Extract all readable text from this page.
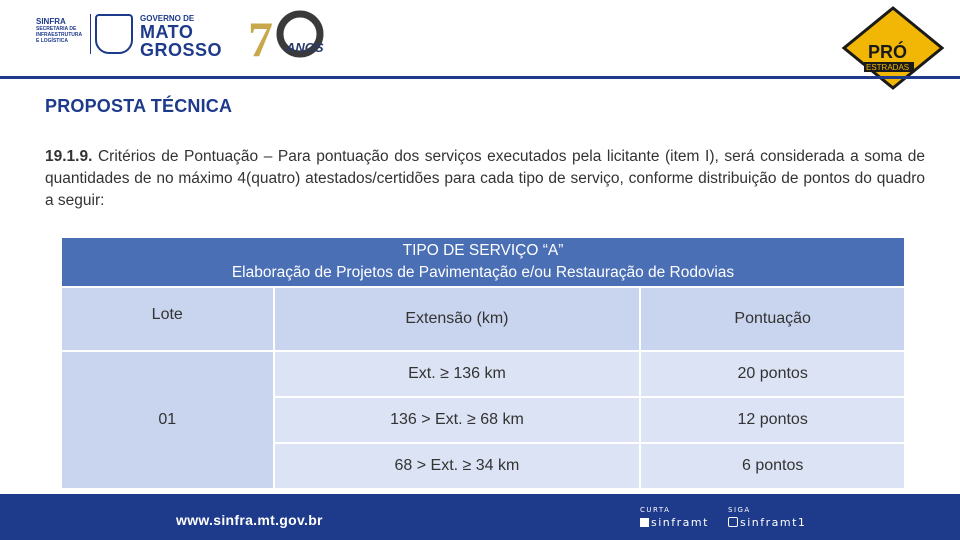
SINFRA
SECRETARIA DE
INFRAESTRUTURA
E LOGÍSTICA
GOVERNO DE
MATO
GROSSO 7 ANOS	PRÓ
ESTRADAS
PROPOSTA TÉCNICA
19.1.9. Critérios de Pontuação – Para pontuação dos serviços executados pela licitante (item I), será considerada a soma de quantidades de no máximo 4(quatro) atestados/certidões para cada tipo de serviço, conforme distribuição de pontos do quadro a seguir:
TIPO DE SERVIÇO “A”
Elaboração de Projetos de Pavimentação e/ou Restauração de Rodovias		

Lote	Extensão (km)	Pontuação
01	Ext. ≥ 136 km	20 pontos
	136 > Ext. ≥ 68 km	12 pontos
	68 > Ext. ≥ 34 km	6 pontos
www.sinfra.mt.gov.br
CURTA
sinframt
SIGA
sinframt1
